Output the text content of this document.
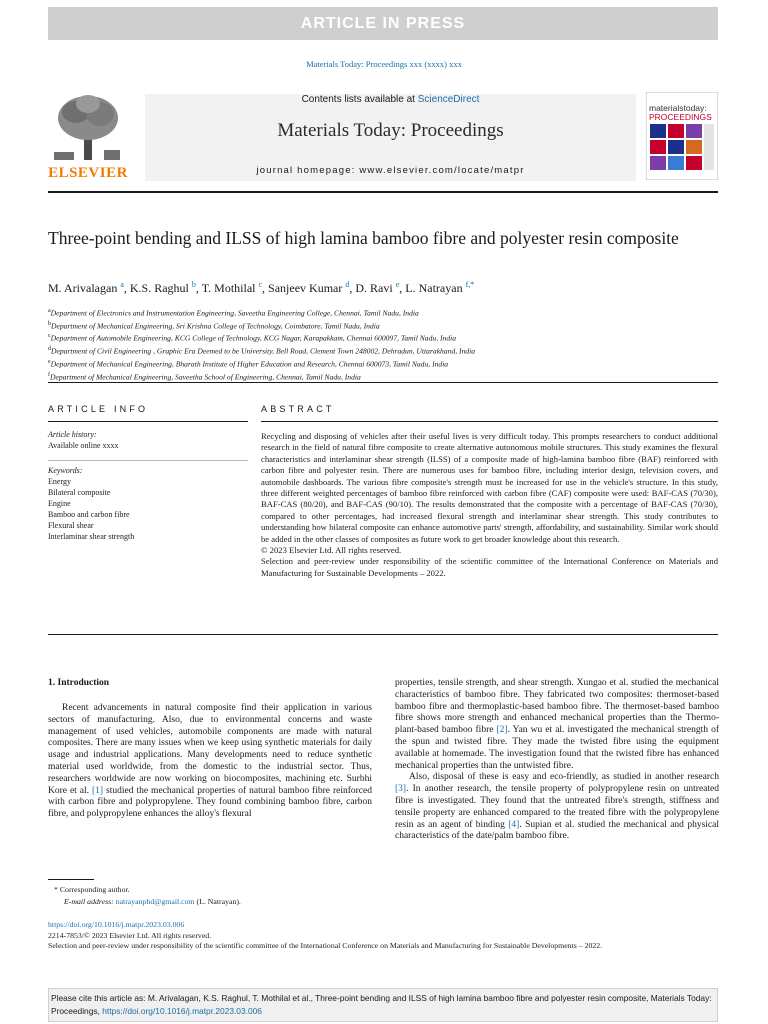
ARTICLE IN PRESS
Materials Today: Proceedings xxx (xxxx) xxx
ELSEVIER
Contents lists available at ScienceDirect
Materials Today: Proceedings
journal homepage: www.elsevier.com/locate/matpr
materialstoday:
PROCEEDINGS
Three-point bending and ILSS of high lamina bamboo fibre and polyester resin composite
M. Arivalagan $^a$, K.S. Raghul $^b$, T. Mothilal $^c$, Sanjeev Kumar $^d$, D. Ravi $^e$, L. Natrayan $^{f,*}$
$^a$Department of Electronics and Instrumentation Engineering, Saveetha Engineering College, Chennai, Tamil Nadu, India
$^b$Department of Mechanical Engineering, Sri Krishna College of Technology, Coimbatore, Tamil Nadu, India
$^c$Department of Automobile Engineering, KCG College of Technology, KCG Nagar, Karapakkam, Chennai 600097, Tamil Nadu, India
$^d$Department of Civil Engineering , Graphic Era Deemed to be University, Bell Road, Clement Town 248002, Dehradun, Uttarakhand, India
$^e$Department of Mechanical Engineering, Bharath Institute of Higher Education and Research, Chennai 600073, Tamil Nadu, India
$^f$Department of Mechanical Engineering, Saveetha School of Engineering, Chennai, Tamil Nadu, India
ARTICLE INFO	ABSTRACT
Article history:
Available online xxxx
Keywords:
Energy
Bilateral composite
Engine
Bamboo and carbon fibre
Flexural shear
Interlaminar shear strength

Recycling and disposing of vehicles after their useful lives is very difficult today. This prompts researchers to conduct additional research in the field of natural fibre composite to create alternative autonomous mobile structures. This study examines the flexural characteristics and interlaminar shear strength (ILSS) of a composite made of high-lamina bamboo fibre (BAF) reinforced with carbon fibre and polyester resin. There are numerous uses for bamboo fibre, including interior design, television covers, and automobile dashboards. The various fibre composite's strength must be increased for use in the vehicle's structure. In this study, three different weighted percentages of bamboo fibre reinforced with carbon fibre (CAF) composite were used: BAF-CAS (70/30), BAF-CAS (80/20), and BAF-CAS (90/10). The results demonstrated that the composite with a percentage of BAF-CAS (70/30), compared to other percentages, had increased flexural strength and interlaminar shear strength. This study contributes to understanding how bilateral composite can enhance automotive parts' strength, affordability, and sustainability. Similar work should be added in the other classes of composites as future work to get broader knowledge about this research.

© 2023 Elsevier Ltd. All rights reserved.

Selection and peer-review under responsibility of the scientific committee of the International Conference on Materials and Manufacturing for Sustainable Developments – 2022.

1. Introduction

Recent advancements in natural composite find their application in various sectors of manufacturing. Also, due to environmental concerns and waste management of used vehicles, automobile components are made with natural composites. There are many issues when we keep using synthetic materials for daily usage and industrial applications. Many developments need to reduce synthetic material used worldwide, from the domestic to the industrial sector. Thus, researchers worldwide are now working on biocomposites, machining etc. Surbhi Kore et al. [1] studied the mechanical properties of natural bamboo fibre reinforced with carbon fibre and polypropylene. They found combining bamboo fibre, carbon fibre, and polypropylene enhances the alloy's flexural

properties, tensile strength, and shear strength. Xungao et al. studied the mechanical characteristics of bamboo fibre. They fabricated two composites: thermoset-based bamboo fibre and thermoplastic-based bamboo fibre. The thermoset-based bamboo fibre shows more strength and enhanced mechanical properties than the Thermo-plant-based bamboo fibre [2]. Yan wu et al. investigated the mechanical strength of the spun and twisted fibre. They made the twisted fibre using the equipment available at homemade. The investigation found that the twisted fibre has enhanced mechanical properties than the untwisted fibre.

Also, disposal of these is easy and eco-friendly, as studied in another research [3]. In another research, the tensile property of polypropylene resin on untreated fibre is investigated. They found that the untreated fibre's strength, stiffness and tensile property are enhanced compared to the treated fibre with the polypropylene resin as an agent of binding [4]. Supian et al. studied the mechanical and physical characteristics of the date/palm bamboo fibre.

* Corresponding author.
E-mail address: natrayanphd@gmail.com (L. Natrayan).
https://doi.org/10.1016/j.matpr.2023.03.006
2214-7853/© 2023 Elsevier Ltd. All rights reserved.
Selection and peer-review under responsibility of the scientific committee of the International Conference on Materials and Manufacturing for Sustainable Developments – 2022.
Please cite this article as: M. Arivalagan, K.S. Raghul, T. Mothilal et al., Three-point bending and ILSS of high lamina bamboo fibre and polyester resin composite, Materials Today: Proceedings, https://doi.org/10.1016/j.matpr.2023.03.006
